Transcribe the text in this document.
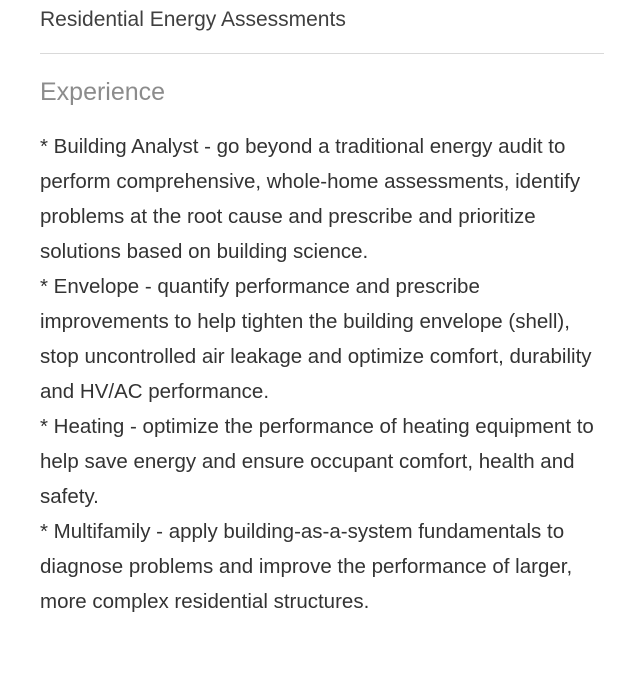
Residential Energy Assessments
Experience

* Building Analyst - go beyond a traditional energy audit to perform comprehensive, whole-home assessments, identify problems at the root cause and prescribe and prioritize solutions based on building science.

* Envelope - quantify performance and prescribe improvements to help tighten the building envelope (shell), stop uncontrolled air leakage and optimize comfort, durability and HV/AC performance.

* Heating - optimize the performance of heating equipment to help save energy and ensure occupant comfort, health and safety.

* Multifamily - apply building-as-a-system fundamentals to diagnose problems and improve the performance of larger, more complex residential structures.
